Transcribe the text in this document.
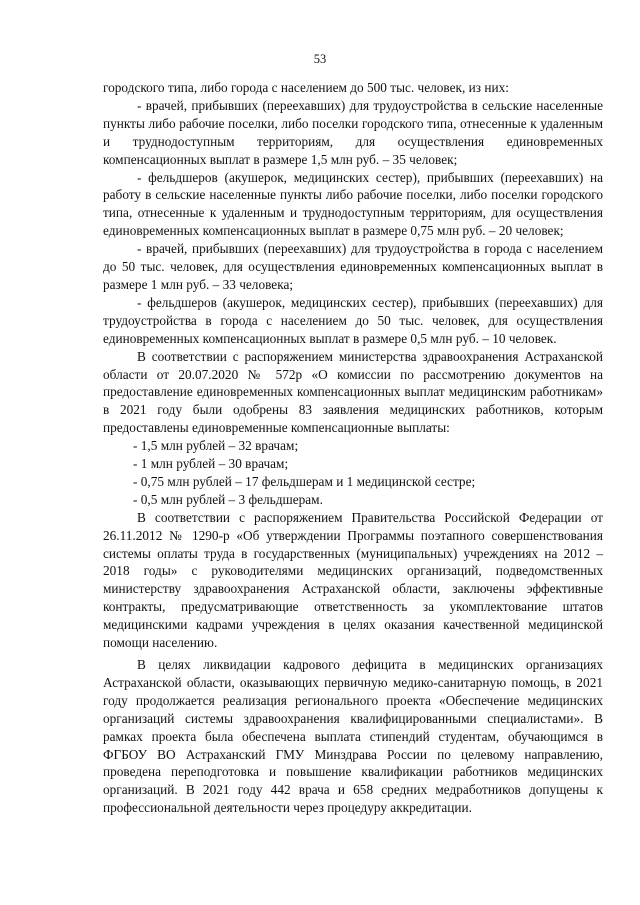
53

городского типа, либо города с населением до 500 тыс. человек, из них:

- врачей, прибывших (переехавших) для трудоустройства в сельские населенные пункты либо рабочие поселки, либо поселки городского типа, отнесенные к удаленным и труднодоступным территориям, для осуществления единовременных компенсационных выплат в размере 1,5 млн руб. – 35 человек;

- фельдшеров (акушерок, медицинских сестер), прибывших (переехавших) на работу в сельские населенные пункты либо рабочие поселки, либо поселки городского типа, отнесенные к удаленным и труднодоступным территориям, для осуществления единовременных компенсационных выплат в размере 0,75 млн руб. – 20 человек;

- врачей, прибывших (переехавших) для трудоустройства в города с населением до 50 тыс. человек, для осуществления единовременных компенсационных выплат в размере 1 млн руб. – 33 человека;

- фельдшеров (акушерок, медицинских сестер), прибывших (переехавших) для трудоустройства в города с населением до 50 тыс. человек, для осуществления единовременных компенсационных выплат в размере 0,5 млн руб. – 10 человек.

В соответствии с распоряжением министерства здравоохранения Астраханской области от 20.07.2020 № 572р «О комиссии по рассмотрению документов на предоставление единовременных компенсационных выплат медицинским работникам» в 2021 году были одобрены 83 заявления медицинских работников, которым предоставлены единовременные компенсационные выплаты:

- 1,5 млн рублей – 32 врачам;

- 1 млн рублей – 30 врачам;

- 0,75 млн рублей – 17 фельдшерам и 1 медицинской сестре;

- 0,5 млн рублей – 3 фельдшерам.

В соответствии с распоряжением Правительства Российской Федерации от 26.11.2012 № 1290-р «Об утверждении Программы поэтапного совершенствования системы оплаты труда в государственных (муниципальных) учреждениях на 2012 – 2018 годы» с руководителями медицинских организаций, подведомственных министерству здравоохранения Астраханской области, заключены эффективные контракты, предусматривающие ответственность за укомплектование штатов медицинскими кадрами учреждения в целях оказания качественной медицинской помощи населению.

В целях ликвидации кадрового дефицита в медицинских организациях Астраханской области, оказывающих первичную медико-санитарную помощь, в 2021 году продолжается реализация регионального проекта «Обеспечение медицинских организаций системы здравоохранения квалифицированными специалистами». В рамках проекта была обеспечена выплата стипендий студентам, обучающимся в ФГБОУ ВО Астраханский ГМУ Минздрава России по целевому направлению, проведена переподготовка и повышение квалификации работников медицинских организаций. В 2021 году 442 врача и 658 средних медработников допущены к профессиональной деятельности через процедуру аккредитации.
